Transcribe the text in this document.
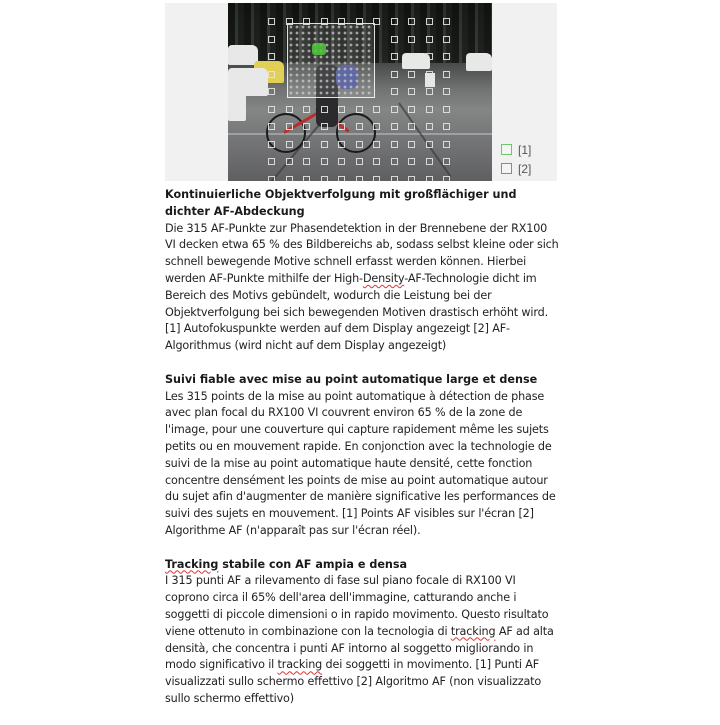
[1]
[2]
Kontinuierliche Objektverfolgung mit großflächiger und dichter AF-Abdeckung
Die 315 AF-Punkte zur Phasendetektion in der Brennebene der RX100 VI decken etwa 65 % des Bildbereichs ab, sodass selbst kleine oder sich schnell bewegende Motive schnell erfasst werden können. Hierbei werden AF-Punkte mithilfe der High-Density-AF-Technologie dicht im Bereich des Motivs gebündelt, wodurch die Leistung bei der Objektverfolgung bei sich bewegenden Motiven drastisch erhöht wird. [1] Autofokuspunkte werden auf dem Display angezeigt [2] AF-Algorithmus (wird nicht auf dem Display angezeigt)
Suivi fiable avec mise au point automatique large et dense
Les 315 points de la mise au point automatique à détection de phase avec plan focal du RX100 VI couvrent environ 65 % de la zone de l'image, pour une couverture qui capture rapidement même les sujets petits ou en mouvement rapide. En conjonction avec la technologie de suivi de la mise au point automatique haute densité, cette fonction concentre densément les points de mise au point automatique autour du sujet afin d'augmenter de manière significative les performances de suivi des sujets en mouvement. [1] Points AF visibles sur l'écran [2] Algorithme AF (n'apparaît pas sur l'écran réel).
Tracking stabile con AF ampia e densa
I 315 punti AF a rilevamento di fase sul piano focale di RX100 VI coprono circa il 65% dell'area dell'immagine, catturando anche i soggetti di piccole dimensioni o in rapido movimento. Questo risultato viene ottenuto in combinazione con la tecnologia di tracking AF ad alta densità, che concentra i punti AF intorno al soggetto migliorando in modo significativo il tracking dei soggetti in movimento. [1] Punti AF visualizzati sullo schermo effettivo [2] Algoritmo AF (non visualizzato sullo schermo effettivo)
